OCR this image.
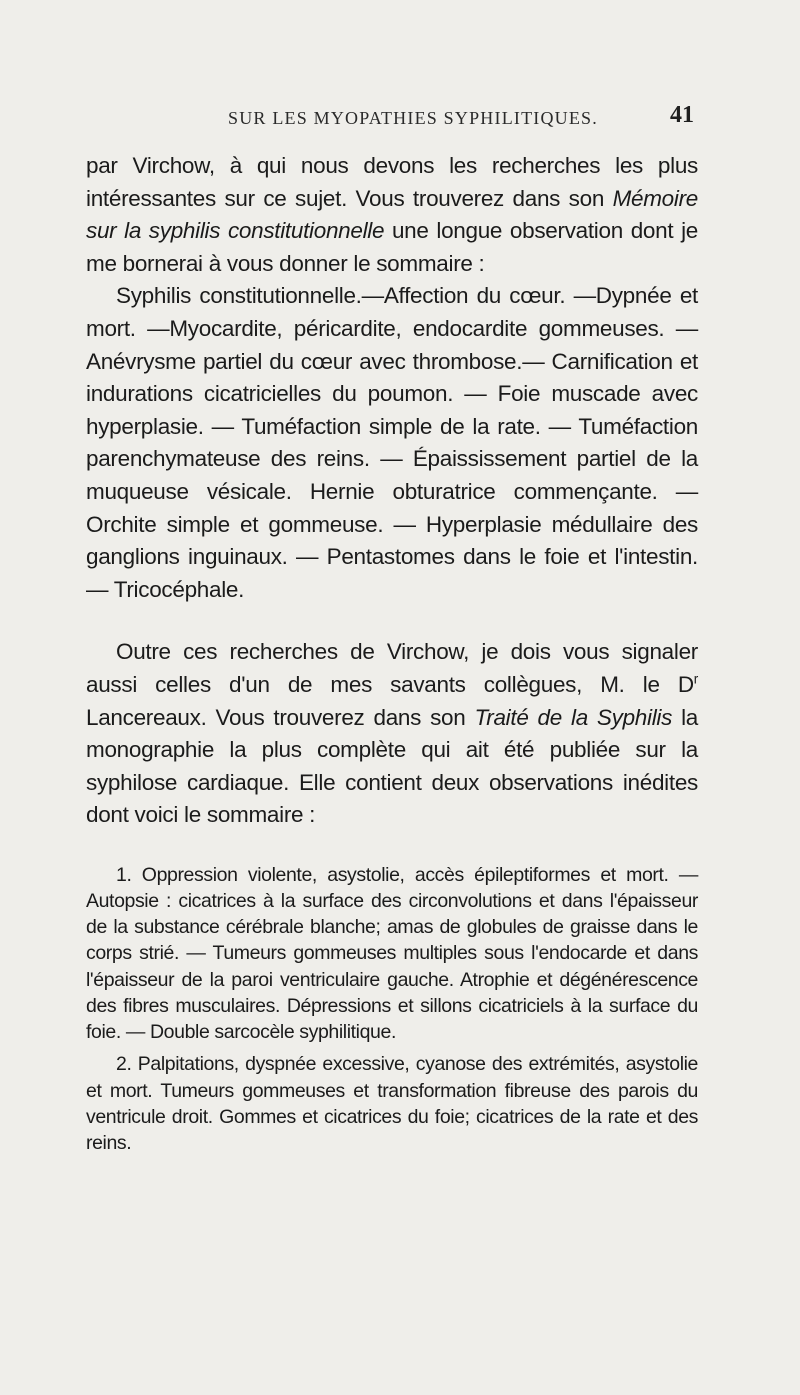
SUR LES MYOPATHIES SYPHILITIQUES.	41

par Virchow, à qui nous devons les recherches les plus intéressantes sur ce sujet. Vous trouverez dans son Mémoire sur la syphilis constitutionnelle une longue observation dont je me bornerai à vous donner le sommaire :

Syphilis constitutionnelle.—Affection du cœur. —Dypnée et mort. —Myocardite, péricardite, endocardite gommeuses. — Anévrysme partiel du cœur avec thrombose.— Carnification et indurations cicatricielles du poumon. — Foie muscade avec hyperplasie. — Tuméfaction simple de la rate. — Tuméfaction parenchymateuse des reins. — Épaississement partiel de la muqueuse vésicale. Hernie obturatrice commençante. — Orchite simple et gommeuse. — Hyperplasie médullaire des ganglions inguinaux. — Pentastomes dans le foie et l'intestin. — Tricocéphale.

Outre ces recherches de Virchow, je dois vous signaler aussi celles d'un de mes savants collègues, M. le $D^r$ Lancereaux. Vous trouverez dans son Traité de la Syphilis la monographie la plus complète qui ait été publiée sur la syphilose cardiaque. Elle contient deux observations inédites dont voici le sommaire :

1. Oppression violente, asystolie, accès épileptiformes et mort. —Autopsie : cicatrices à la surface des circonvolutions et dans l'épaisseur de la substance cérébrale blanche; amas de globules de graisse dans le corps strié. — Tumeurs gommeuses multiples sous l'endocarde et dans l'épaisseur de la paroi ventriculaire gauche. Atrophie et dégénérescence des fibres musculaires. Dépressions et sillons cicatriciels à la surface du foie. — Double sarcocèle syphilitique.

2. Palpitations, dyspnée excessive, cyanose des extrémités, asystolie et mort. Tumeurs gommeuses et transformation fibreuse des parois du ventricule droit. Gommes et cicatrices du foie; cicatrices de la rate et des reins.
